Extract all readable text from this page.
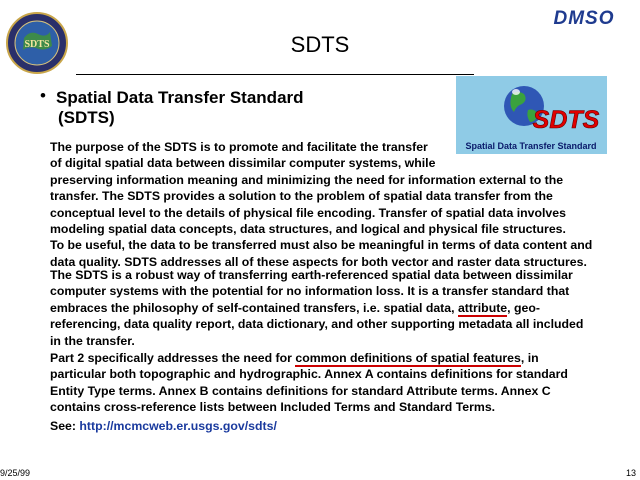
SDTS
DMSO
SDTS
• Spatial Data Transfer Standard
(SDTS)	SDTS
Spatial Data Transfer Standard
The purpose of the SDTS is to promote and facilitate the transfer
of digital spatial data between dissimilar computer systems, while
preserving information meaning and minimizing the need for information external to the
transfer. The SDTS provides a solution to the problem of spatial data transfer from the
conceptual level to the details of physical file encoding. Transfer of spatial data involves
modeling spatial data concepts, data structures, and logical and physical file structures.
To be useful, the data to be transferred must also be meaningful in terms of data content and
data quality. SDTS addresses all of these aspects for both vector and raster data structures.
The SDTS is a robust way of transferring earth-referenced spatial data between dissimilar
computer systems with the potential for no information loss. It is a transfer standard that
embraces the philosophy of self-contained transfers, i.e. spatial data, attribute, geo-
referencing, data quality report, data dictionary, and other supporting metadata all included
in the transfer.
Part 2 specifically addresses the need for common definitions of spatial features, in
particular both topographic and hydrographic. Annex A contains definitions for standard
Entity Type terms. Annex B contains definitions for standard Attribute terms. Annex C
contains cross-reference lists between Included Terms and Standard Terms.
See: http://mcmcweb.er.usgs.gov/sdts/
9/25/99	13
